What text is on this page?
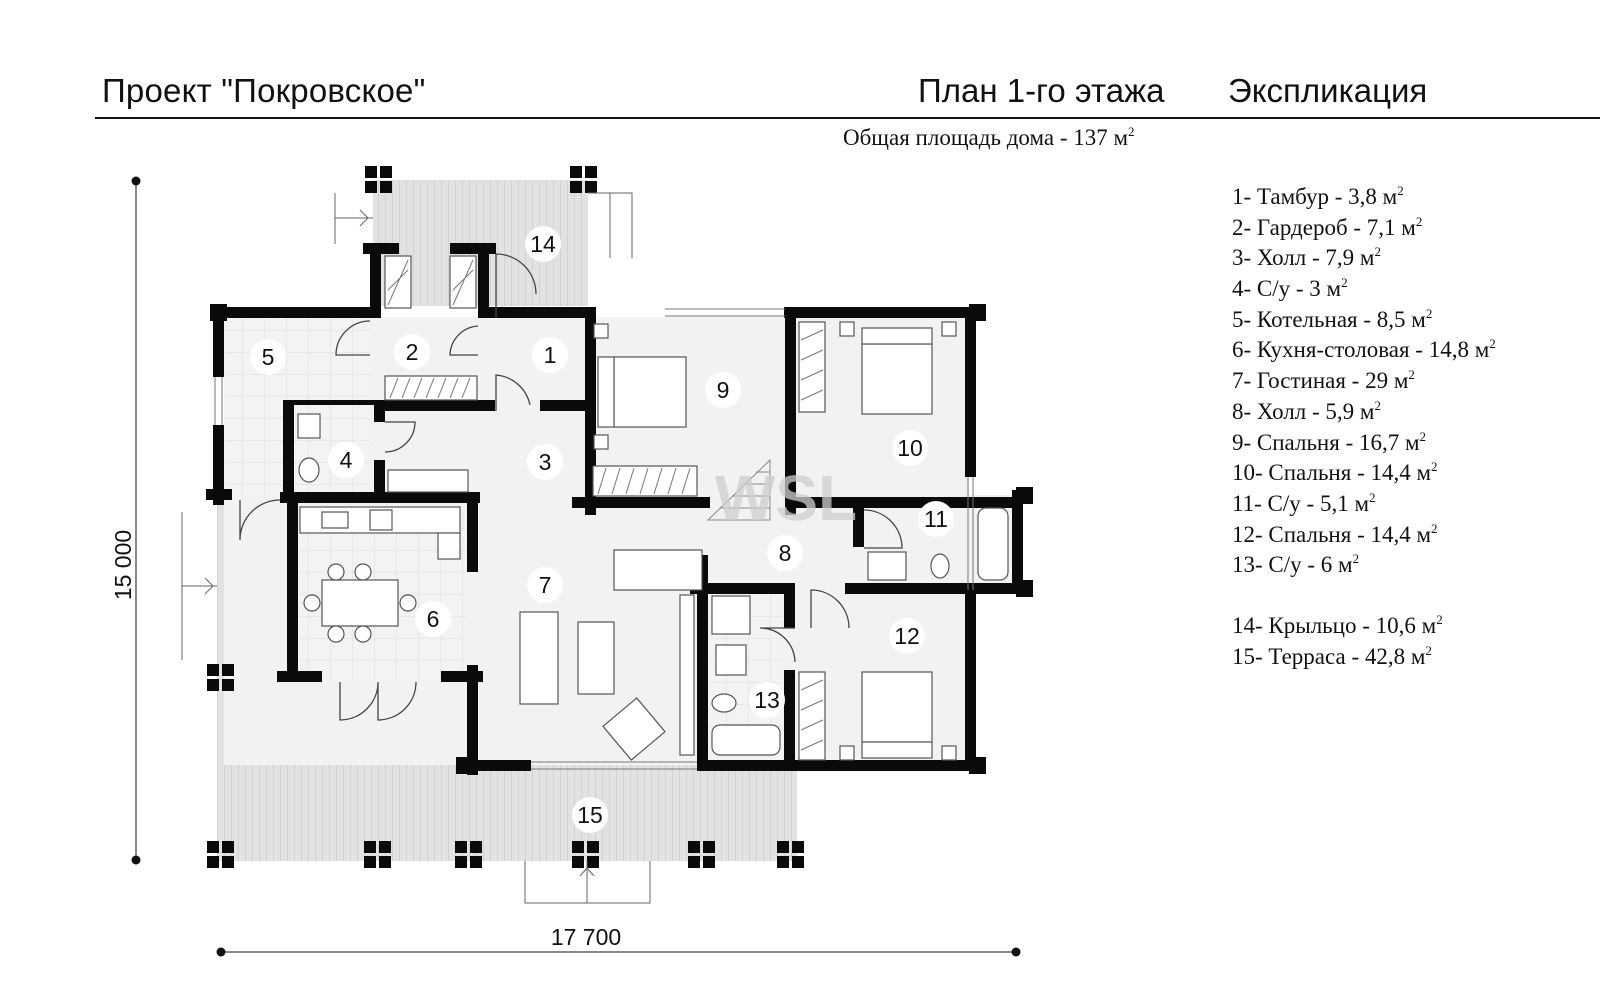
Проект "Покровское"	План 1-го этажа Экспликация
Общая площадь дома - 137 $м^2$
1- Тамбур - 3,8 $м^2$
2- Гардероб - 7,1 $м^2$
3- Холл - 7,9 $м^2$
4- С/у - 3 $м^2$
5- Котельная - 8,5 $м^2$
6- Кухня-столовая - 14,8 $м^2$
7- Гостиная - 29 $м^2$
8- Холл - 5,9 $м^2$
9- Спальня - 16,7 $м^2$
10- Спальня - 14,4 $м^2$
11- С/у - 5,1 $м^2$
12- Спальня - 14,4 $м^2$
13- С/у - 6 $м^2$
14- Крыльцо - 10,6 $м^2$
15- Терраса - 42,8 $м^2$
15 000
17 700
WSL
1
2
3
4
5
6
7
8
9
10
11
12
13
14
15
